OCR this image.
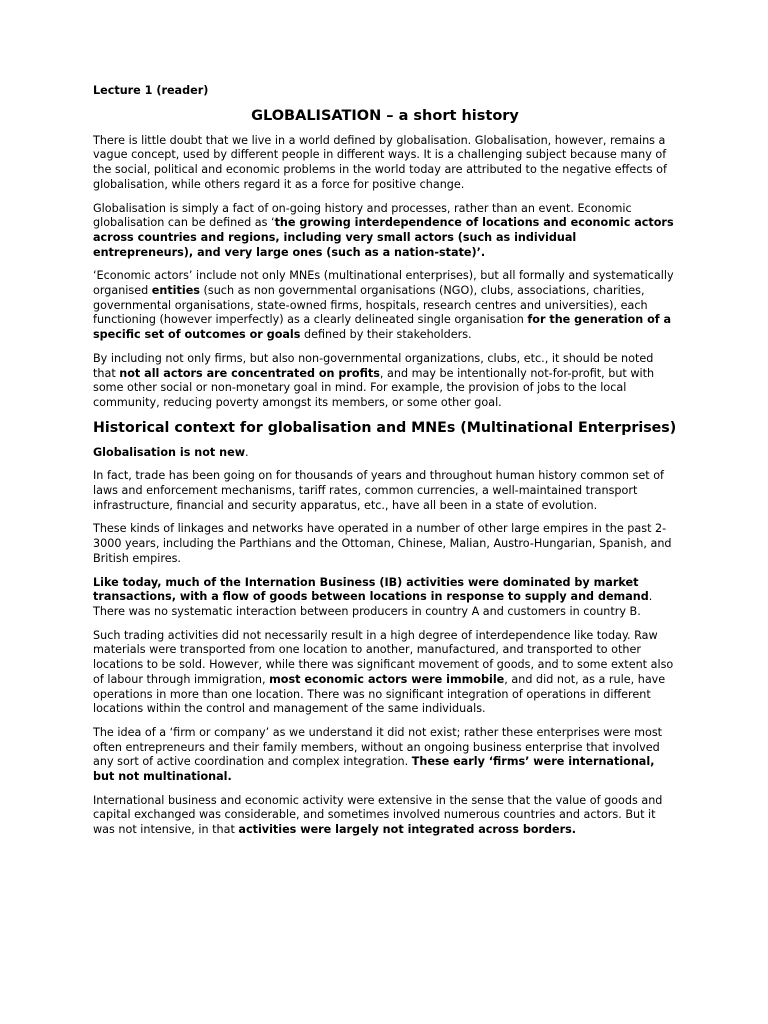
Lecture 1 (reader)

GLOBALISATION – a short history

There is little doubt that we live in a world defined by globalisation. Globalisation, however, remains a vague concept, used by different people in different ways. It is a challenging subject because many of the social, political and economic problems in the world today are attributed to the negative effects of globalisation, while others regard it as a force for positive change.

Globalisation is simply a fact of on-going history and processes, rather than an event. Economic globalisation can be defined as ‘the growing interdependence of locations and economic actors across countries and regions, including very small actors (such as individual entrepreneurs), and very large ones (such as a nation-state)’.

‘Economic actors’ include not only MNEs (multinational enterprises), but all formally and systematically organised entities (such as non governmental organisations (NGO), clubs, associations, charities, governmental organisations, state-owned firms, hospitals, research centres and universities), each functioning (however imperfectly) as a clearly delineated single organisation for the generation of a specific set of outcomes or goals defined by their stakeholders.

By including not only firms, but also non-governmental organizations, clubs, etc., it should be noted that not all actors are concentrated on profits, and may be intentionally not-for-profit, but with some other social or non-monetary goal in mind. For example, the provision of jobs to the local community, reducing poverty amongst its members, or some other goal.

Historical context for globalisation and MNEs (Multinational Enterprises)

Globalisation is not new.

In fact, trade has been going on for thousands of years and throughout human history common set of laws and enforcement mechanisms, tariff rates, common currencies, a well-maintained transport infrastructure, financial and security apparatus, etc., have all been in a state of evolution.

These kinds of linkages and networks have operated in a number of other large empires in the past 2-3000 years, including the Parthians and the Ottoman, Chinese, Malian, Austro-Hungarian, Spanish, and British empires.

Like today, much of the Internation Business (IB) activities were dominated by market transactions, with a flow of goods between locations in response to supply and demand. There was no systematic interaction between producers in country A and customers in country B.

Such trading activities did not necessarily result in a high degree of interdependence like today. Raw materials were transported from one location to another, manufactured, and transported to other locations to be sold. However, while there was significant movement of goods, and to some extent also of labour through immigration, most economic actors were immobile, and did not, as a rule, have operations in more than one location. There was no significant integration of operations in different locations within the control and management of the same individuals.

The idea of a ‘firm or company’ as we understand it did not exist; rather these enterprises were most often entrepreneurs and their family members, without an ongoing business enterprise that involved any sort of active coordination and complex integration. These early ‘firms’ were international, but not multinational.

International business and economic activity were extensive in the sense that the value of goods and capital exchanged was considerable, and sometimes involved numerous countries and actors. But it was not intensive, in that activities were largely not integrated across borders.
